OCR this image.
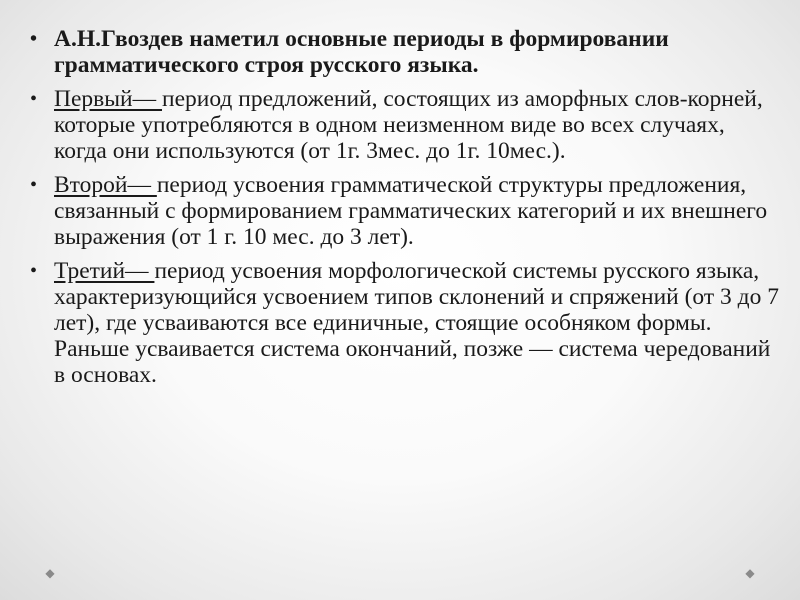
• А.Н.Гвоздев наметил основные периоды в формировании грамматического строя русского языка.
• Первый— период предложений, состоящих из аморфных слов-корней, которые употребляются в одном неизменном виде во всех случаях, когда они используются (от 1г. 3мес. до 1г. 10мес.).
• Второй— период усвоения грамматической структуры предложения, связанный с формированием грамматических категорий и их внешнего выражения (от 1 г. 10 мес. до 3 лет).
• Третий— период усвоения морфологической системы русского языка, характеризующийся усвоением типов склонений и спряжений (от 3 до 7 лет), где усваиваются все единичные, стоящие особняком формы. Раньше усваивается система окончаний, позже — система чередований в основах.
◆	◆
